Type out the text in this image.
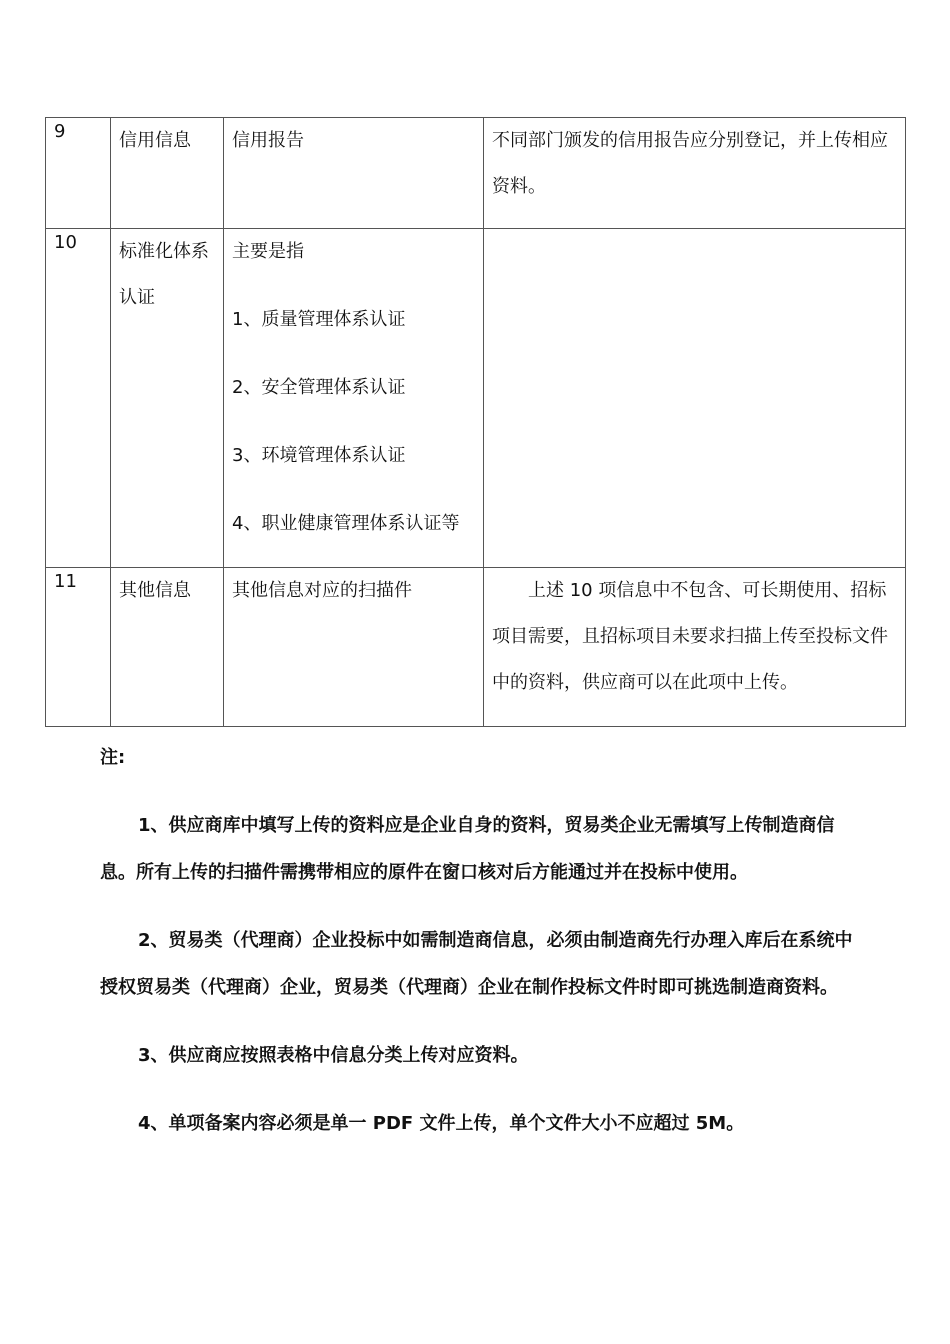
9	信用信息	信用报告	不同部门颁发的信用报告应分别登记，并上传相应资料。
10	标准化体系认证	主要是指
1、质量管理体系认证
2、安全管理体系认证
3、环境管理体系认证
4、职业健康管理体系认证等	

11	其他信息	其他信息对应的扫描件	上述 10 项信息中不包含、可长期使用、招标项目需要，且招标项目未要求扫描上传至投标文件中的资料，供应商可以在此项中上传。

注:

1、供应商库中填写上传的资料应是企业自身的资料，贸易类企业无需填写上传制造商信息。所有上传的扫描件需携带相应的原件在窗口核对后方能通过并在投标中使用。

2、贸易类（代理商）企业投标中如需制造商信息，必须由制造商先行办理入库后在系统中授权贸易类（代理商）企业，贸易类（代理商）企业在制作投标文件时即可挑选制造商资料。

3、供应商应按照表格中信息分类上传对应资料。

4、单项备案内容必须是单一 PDF 文件上传，单个文件大小不应超过 5M。
